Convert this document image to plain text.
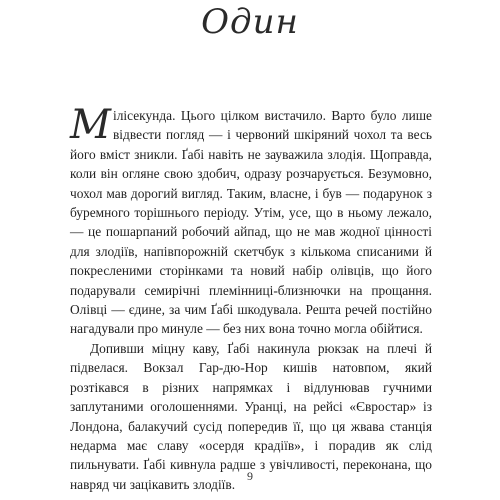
Один

Мілісекунда. Цього цілком вистачило. Варто було лише відвести погляд — і червоний шкіряний чохол та весь його вміст зникли. Ґабі навіть не зауважила злодія. Щоправда, коли він огляне свою здобич, одразу розчарується. Безумовно, чохол мав дорогий вигляд. Таким, власне, і був — подарунок з буремного торішнього періоду. Утім, усе, що в ньому лежало, — це пошарпаний робочий айпад, що не мав жодної цінності для злодіїв, напівпорожній скетчбук з кількома списаними й покресленими сторінками та новий набір олівців, що його подарували семирічні племінниці-близнючки на прощання. Олівці — єдине, за чим Ґабі шкодувала. Решта речей постійно нагадували про минуле — без них вона точно могла обійтися.

Допивши міцну каву, Ґабі накинула рюкзак на плечі й підвелася. Вокзал Гар-дю-Нор кишів натовпом, який розтікався в різних напрямках і відлунював гучними заплутаними оголошеннями. Уранці, на рейсі «Євростар» із Лондона, балакучий сусід попередив її, що ця жвава станція недарма має славу «осердя крадіїв», і порадив як слід пильнувати. Ґабі кивнула радше з увічливості, переконана, що навряд чи зацікавить злодіїв.

9
